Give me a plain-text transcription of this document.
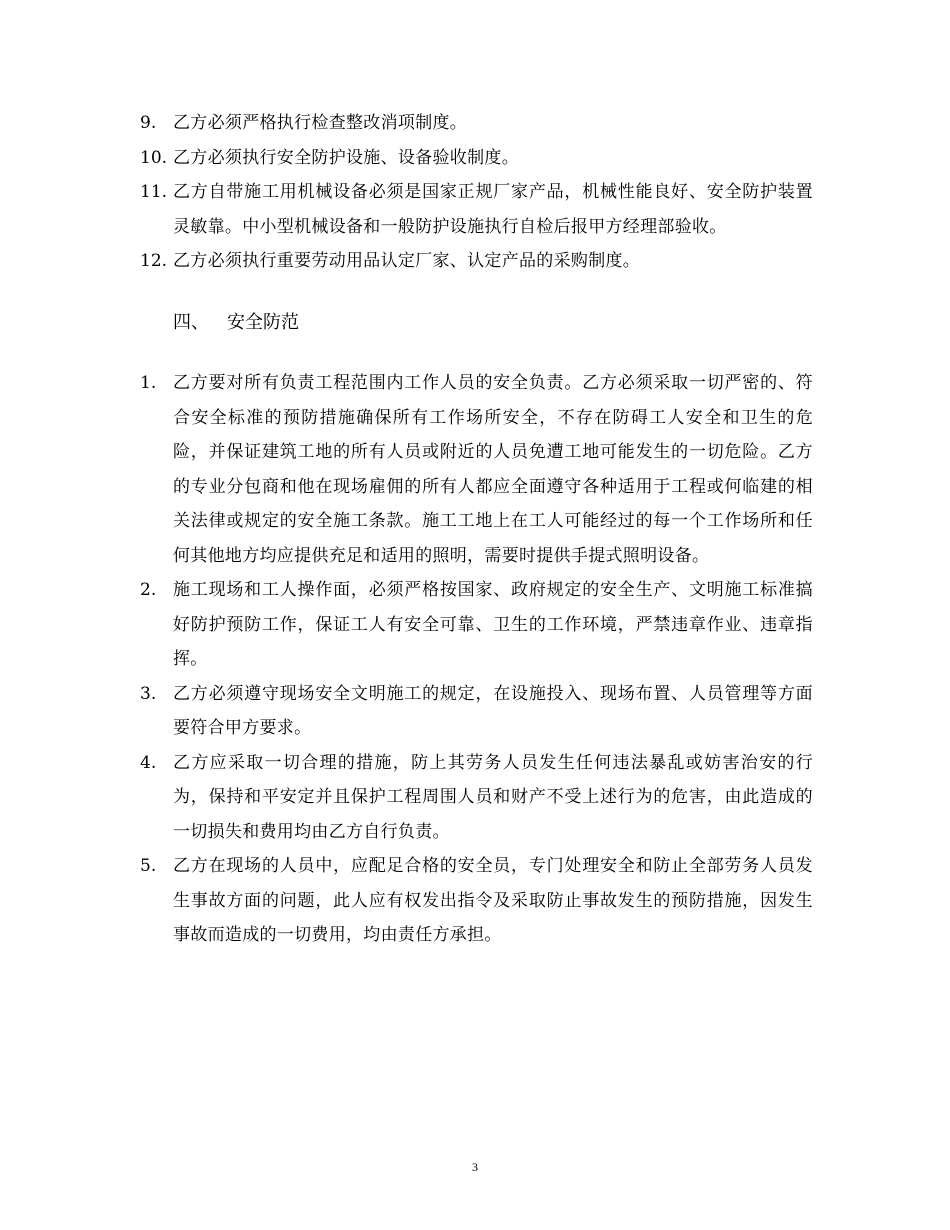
9. 乙方必须严格执行检查整改消项制度。
10. 乙方必须执行安全防护设施、设备验收制度。
11. 乙方自带施工用机械设备必须是国家正规厂家产品，机械性能良好、安全防护装置灵敏靠。中小型机械设备和一般防护设施执行自检后报甲方经理部验收。
12. 乙方必须执行重要劳动用品认定厂家、认定产品的采购制度。
四、 安全防范
1. 乙方要对所有负责工程范围内工作人员的安全负责。乙方必须采取一切严密的、符合安全标准的预防措施确保所有工作场所安全，不存在防碍工人安全和卫生的危险，并保证建筑工地的所有人员或附近的人员免遭工地可能发生的一切危险。乙方的专业分包商和他在现场雇佣的所有人都应全面遵守各种适用于工程或何临建的相关法律或规定的安全施工条款。施工工地上在工人可能经过的每一个工作场所和任何其他地方均应提供充足和适用的照明，需要时提供手提式照明设备。
2. 施工现场和工人操作面，必须严格按国家、政府规定的安全生产、文明施工标准搞好防护预防工作，保证工人有安全可靠、卫生的工作环境，严禁违章作业、违章指挥。
3. 乙方必须遵守现场安全文明施工的规定，在设施投入、现场布置、人员管理等方面要符合甲方要求。
4. 乙方应采取一切合理的措施，防上其劳务人员发生任何违法暴乱或妨害治安的行为，保持和平安定并且保护工程周围人员和财产不受上述行为的危害，由此造成的一切损失和费用均由乙方自行负责。
5. 乙方在现场的人员中，应配足合格的安全员，专门处理安全和防止全部劳务人员发生事故方面的问题，此人应有权发出指令及采取防止事故发生的预防措施，因发生事故而造成的一切费用，均由责任方承担。
3
